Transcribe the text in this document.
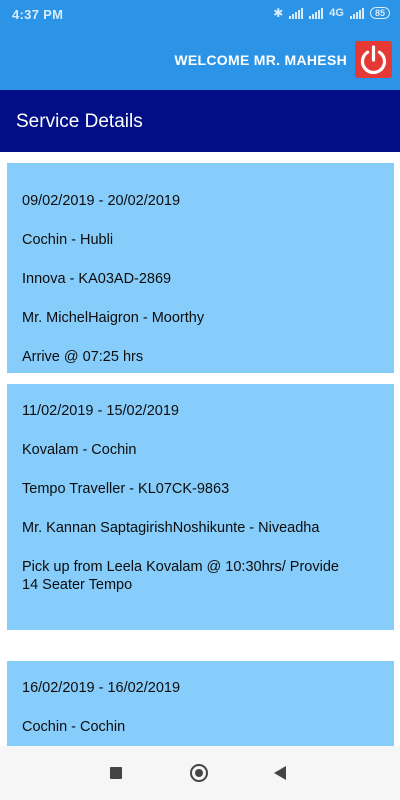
4:37 PM	✱	4G	85
WELCOME MR. MAHESH
Service Details
09/02/2019 - 20/02/2019
Cochin - Hubli
Innova - KA03AD-2869
Mr. MichelHaigron - Moorthy
Arrive @ 07:25 hrs
11/02/2019 - 15/02/2019
Kovalam - Cochin
Tempo Traveller - KL07CK-9863
Mr. Kannan SaptagirishNoshikunte - Niveadha
Pick up from Leela Kovalam @ 10:30hrs/ Provide
14 Seater Tempo
16/02/2019 - 16/02/2019
Cochin - Cochin
